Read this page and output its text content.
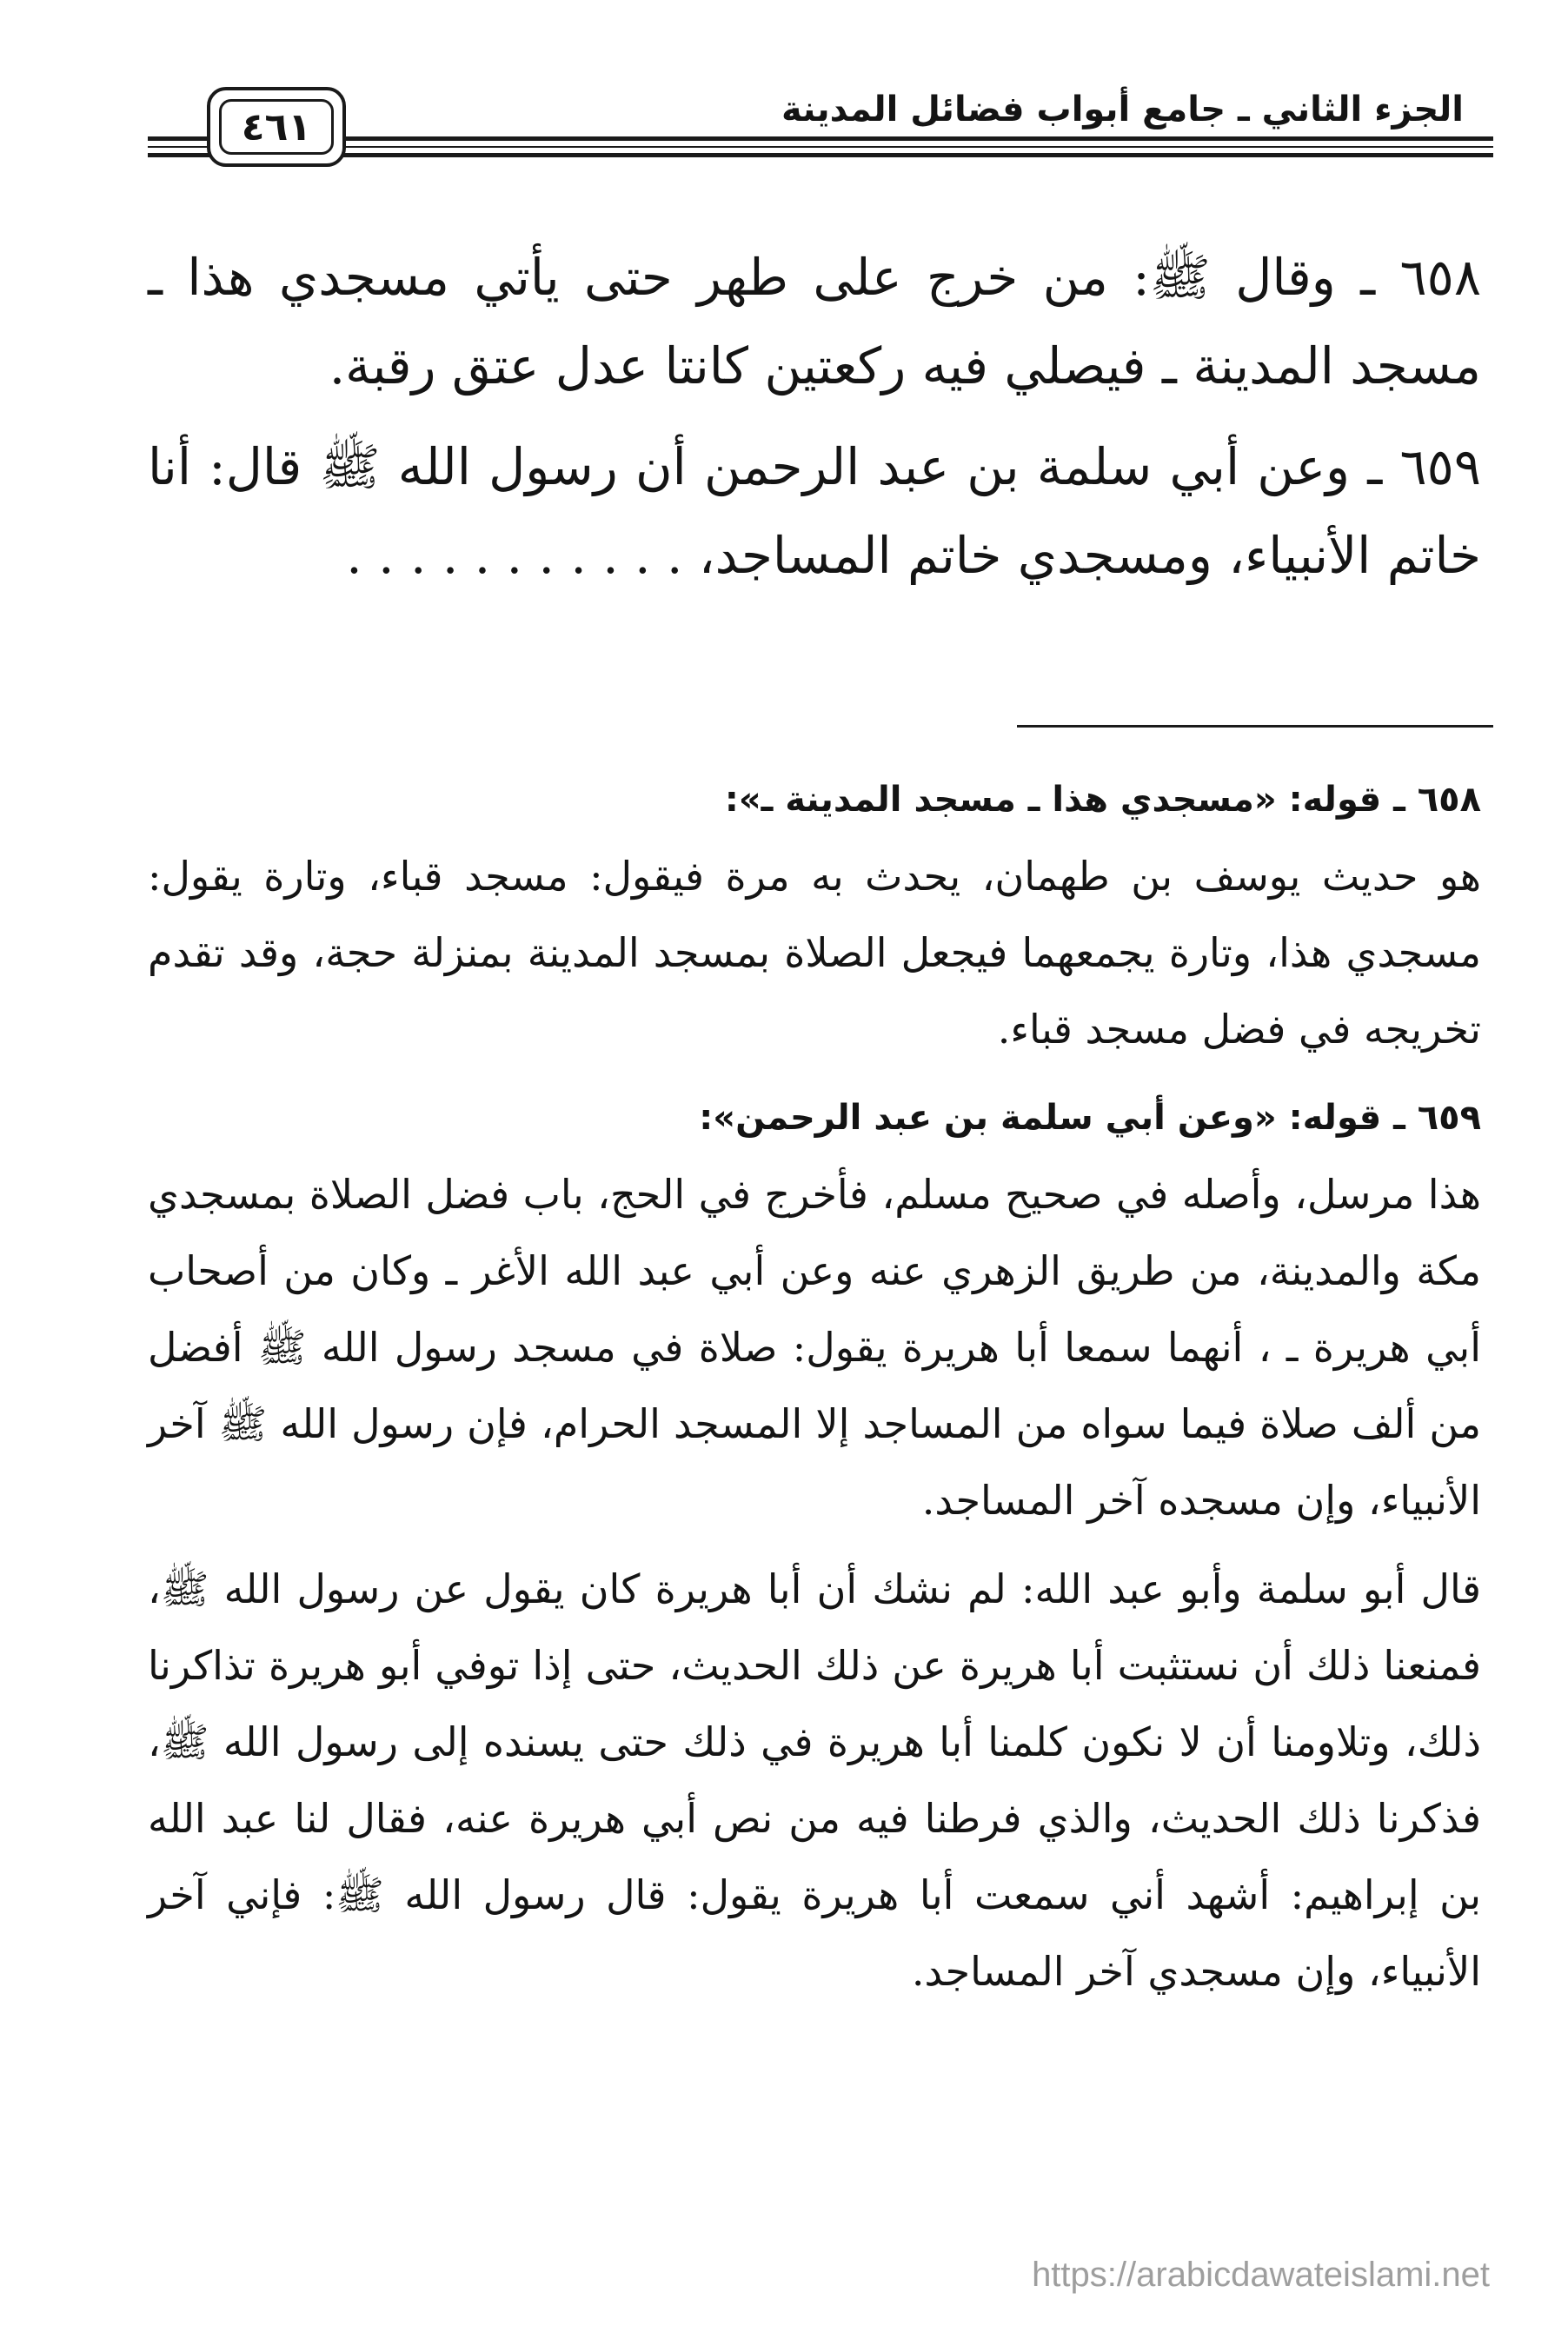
الجزء الثاني ـ جامع أبواب فضائل المدينة
٤٦١

٦٥٨ ـ وقال ﷺ: من خرج على طهر حتى يأتي مسجدي هذا ـ مسجد المدينة ـ فيصلي فيه ركعتين كانتا عدل عتق رقبة.

٦٥٩ ـ وعن أبي سلمة بن عبد الرحمن أن رسول الله ﷺ قال: أنا خاتم الأنبياء، ومسجدي خاتم المساجد، . . . . . . . . . . .

٦٥٨ ـ قوله: «مسجدي هذا ـ مسجد المدينة ـ»:

هو حديث يوسف بن طهمان، يحدث به مرة فيقول: مسجد قباء، وتارة يقول: مسجدي هذا، وتارة يجمعهما فيجعل الصلاة بمسجد المدينة بمنزلة حجة، وقد تقدم تخريجه في فضل مسجد قباء.

٦٥٩ ـ قوله: «وعن أبي سلمة بن عبد الرحمن»:

هذا مرسل، وأصله في صحيح مسلم، فأخرج في الحج، باب فضل الصلاة بمسجدي مكة والمدينة، من طريق الزهري عنه وعن أبي عبد الله الأغر ـ وكان من أصحاب أبي هريرة ـ ، أنهما سمعا أبا هريرة يقول: صلاة في مسجد رسول الله ﷺ أفضل من ألف صلاة فيما سواه من المساجد إلا المسجد الحرام، فإن رسول الله ﷺ آخر الأنبياء، وإن مسجده آخر المساجد.

قال أبو سلمة وأبو عبد الله: لم نشك أن أبا هريرة كان يقول عن رسول الله ﷺ، فمنعنا ذلك أن نستثبت أبا هريرة عن ذلك الحديث، حتى إذا توفي أبو هريرة تذاكرنا ذلك، وتلاومنا أن لا نكون كلمنا أبا هريرة في ذلك حتى يسنده إلى رسول الله ﷺ، فذكرنا ذلك الحديث، والذي فرطنا فيه من نص أبي هريرة عنه، فقال لنا عبد الله بن إبراهيم: أشهد أني سمعت أبا هريرة يقول: قال رسول الله ﷺ: فإني آخر الأنبياء، وإن مسجدي آخر المساجد.

https://arabicdawateislami.net
